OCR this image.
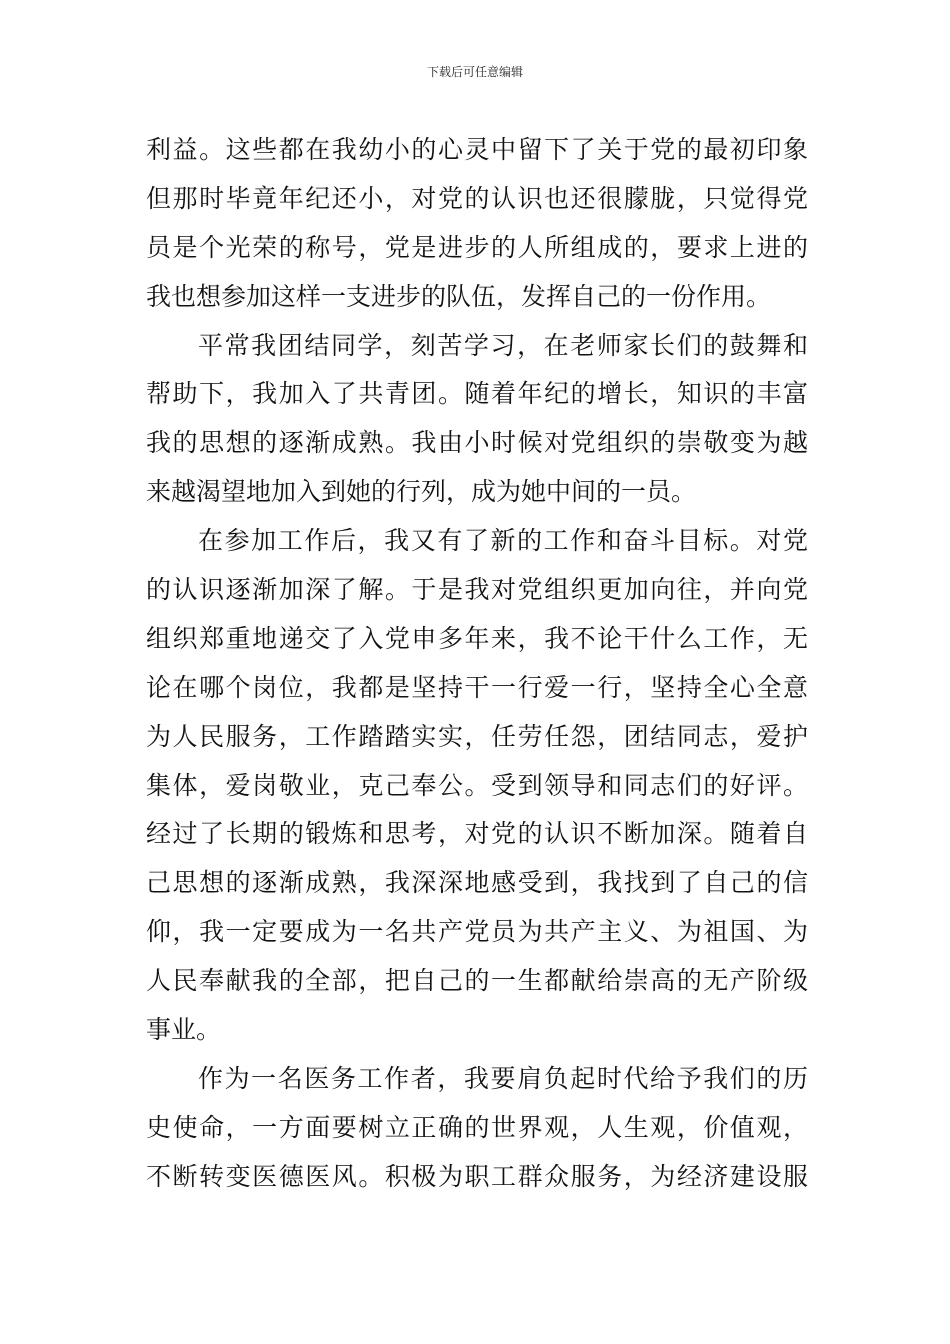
下载后可任意编辑
利益。这些都在我幼小的心灵中留下了关于党的最初印象
但那时毕竟年纪还小，对党的认识也还很朦胧，只觉得党
员是个光荣的称号，党是进步的人所组成的，要求上进的
我也想参加这样一支进步的队伍，发挥自己的一份作用。
平常我团结同学，刻苦学习，在老师家长们的鼓舞和
帮助下，我加入了共青团。随着年纪的增长，知识的丰富
我的思想的逐渐成熟。我由小时候对党组织的崇敬变为越
来越渴望地加入到她的行列，成为她中间的一员。
在参加工作后，我又有了新的工作和奋斗目标。对党
的认识逐渐加深了解。于是我对党组织更加向往，并向党
组织郑重地递交了入党申多年来，我不论干什么工作，无
论在哪个岗位，我都是坚持干一行爱一行，坚持全心全意
为人民服务，工作踏踏实实，任劳任怨，团结同志，爱护
集体，爱岗敬业，克己奉公。受到领导和同志们的好评。
经过了长期的锻炼和思考，对党的认识不断加深。随着自
己思想的逐渐成熟，我深深地感受到，我找到了自己的信
仰，我一定要成为一名共产党员为共产主义、为祖国、为
人民奉献我的全部，把自己的一生都献给崇高的无产阶级
事业。
作为一名医务工作者，我要肩负起时代给予我们的历
史使命，一方面要树立正确的世界观，人生观，价值观，
不断转变医德医风。积极为职工群众服务，为经济建设服
